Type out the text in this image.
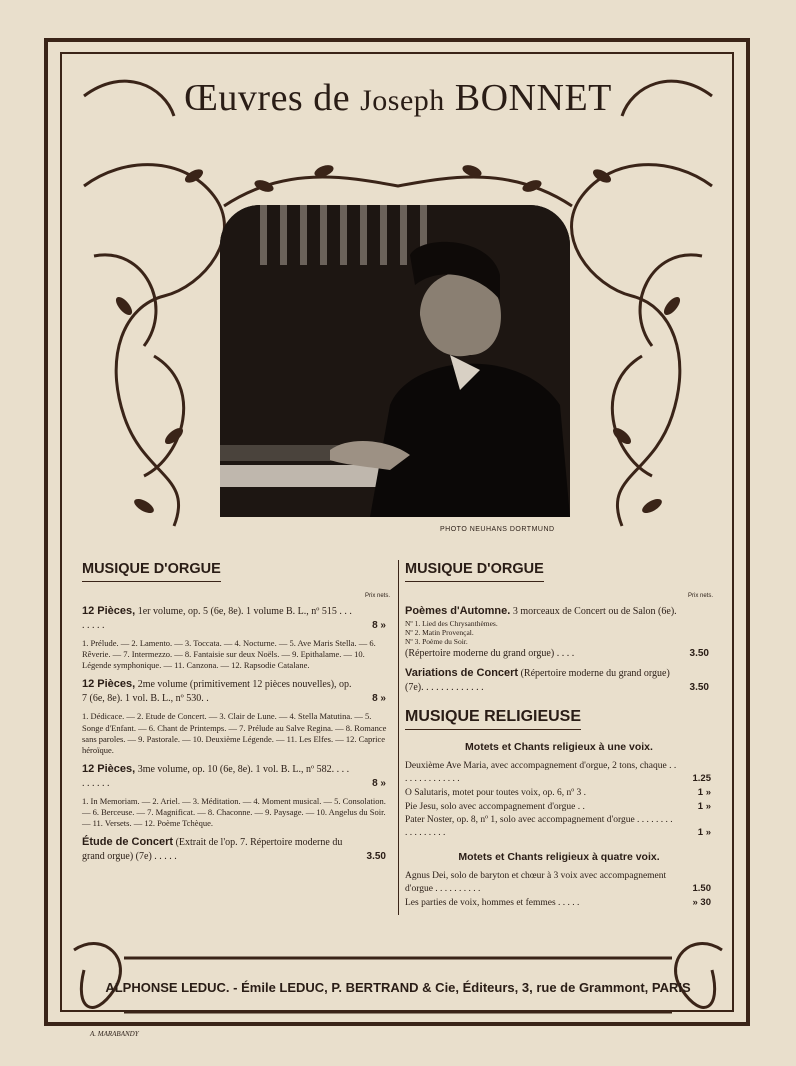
Œuvres de Joseph BONNET
PHOTO NEUHANS DORTMUND
MUSIQUE D'ORGUE
Prix nets.
12 Pièces, 1er volume, op. 5 (6e, 8e). 1 volume B. L., nº 515 . . . . . . . .	8 »
1. Prélude. — 2. Lamento. — 3. Toccata. — 4. Nocturne. — 5. Ave Maris Stella. — 6. Rêverie. — 7. Intermezzo. — 8. Fantaisie sur deux Noëls. — 9. Epithalame. — 10. Légende symphonique. — 11. Canzona. — 12. Rapsodie Catalane.
12 Pièces, 2me volume (primitivement 12 pièces nouvelles), op. 7 (6e, 8e). 1 vol. B. L., nº 530. .	8 »
1. Dédicace. — 2. Etude de Concert. — 3. Clair de Lune. — 4. Stella Matutina. — 5. Songe d'Enfant. — 6. Chant de Printemps. — 7. Prélude au Salve Regina. — 8. Romance sans paroles. — 9. Pastorale. — 10. Deuxième Légende. — 11. Les Elfes. — 12. Caprice héroïque.
12 Pièces, 3me volume, op. 10 (6e, 8e). 1 vol. B. L., nº 582. . . . . . . . . .	8 »
1. In Memoriam. — 2. Ariel. — 3. Méditation. — 4. Moment musical. — 5. Consolation. — 6. Berceuse. — 7. Magnificat. — 8. Chaconne. — 9. Paysage. — 10. Angelus du Soir. — 11. Versets. — 12. Poème Tchèque.
Étude de Concert (Extrait de l'op. 7. Répertoire moderne du grand orgue) (7e) . . . . .	3.50
MUSIQUE D'ORGUE
Prix nets.
Poèmes d'Automne. 3 morceaux de Concert ou de Salon (6e).
Nº 1. Lied des Chrysanthèmes.
Nº 2. Matin Provençal.
Nº 3. Poème du Soir.
(Répertoire moderne du grand orgue) . . . .	3.50
Variations de Concert (Répertoire moderne du grand orgue) (7e). . . . . . . . . . . . .	3.50
MUSIQUE RELIGIEUSE
Motets et Chants religieux à une voix.
Deuxième Ave Maria, avec accompagnement d'orgue, 2 tons, chaque . . . . . . . . . . . . . .	1.25
O Salutaris, motet pour toutes voix, op. 6, nº 3 .	1 »
Pie Jesu, solo avec accompagnement d'orgue . .	1 »
Pater Noster, op. 8, nº 1, solo avec accompagnement d'orgue . . . . . . . . . . . . . . . . .	1 »
Motets et Chants religieux à quatre voix.
Agnus Dei, solo de baryton et chœur à 3 voix avec accompagnement d'orgue . . . . . . . . . .	1.50
Les parties de voix, hommes et femmes . . . . .	» 30
ALPHONSE LEDUC. - Émile LEDUC, P. BERTRAND & Cie, Éditeurs, 3, rue de Grammont, PARIS
A. MARABANDY
